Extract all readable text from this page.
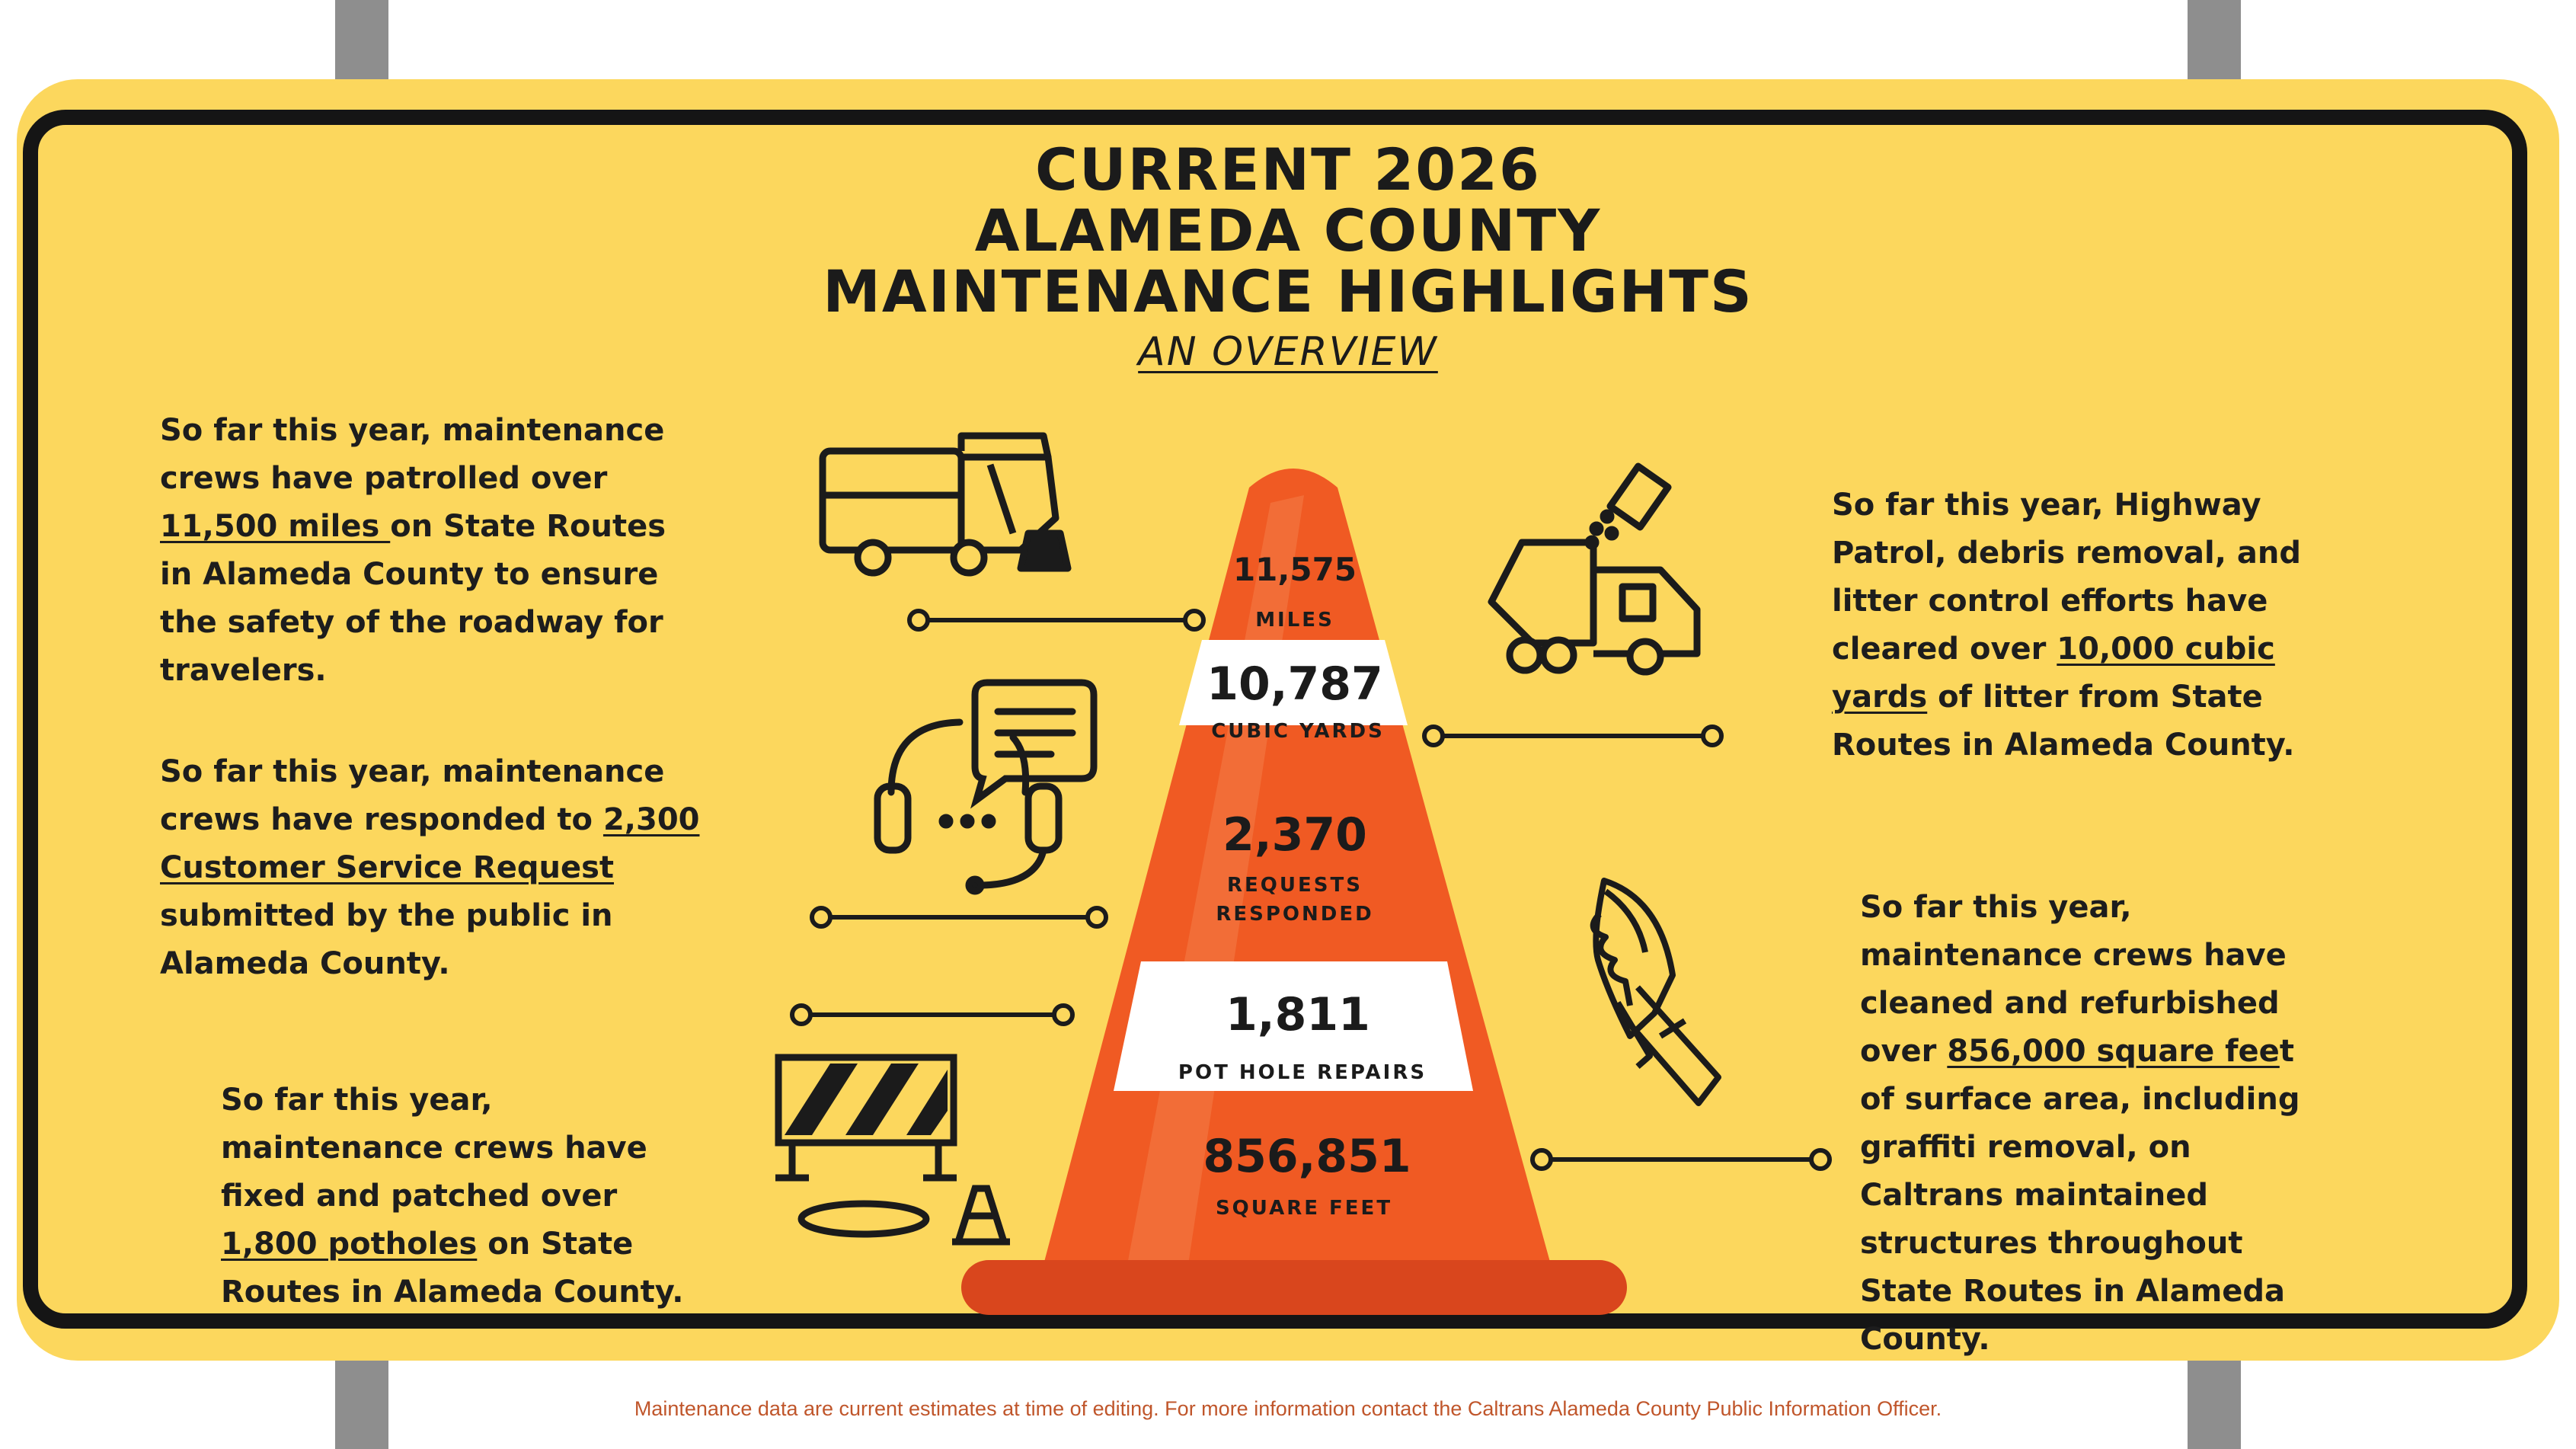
CURRENT 2026
ALAMEDA COUNTY
MAINTENANCE HIGHLIGHTS
AN OVERVIEW
So far this year, maintenance crews have patrolled over 11,500 miles on State Routes in Alameda County to ensure the safety of the roadway for travelers.
So far this year, maintenance crews have responded to 2,300 Customer Service Request submitted by the public in Alameda County.
So far this year, maintenance crews have fixed and patched over 1,800 potholes on State Routes in Alameda County.
So far this year, Highway Patrol, debris removal, and litter control efforts have cleared over 10,000 cubic yards of litter from State Routes in Alameda County.
So far this year, maintenance crews have cleaned and refurbished over 856,000 square feet of surface area, including graffiti removal, on Caltrans maintained structures throughout State Routes in Alameda County.
11,575
MILES
10,787
CUBIC YARDS
2,370
REQUESTS
RESPONDED
1,811
POT HOLE REPAIRS
856,851
SQUARE FEET
Maintenance data are current estimates at time of editing. For more information contact the Caltrans Alameda County Public Information Officer.
